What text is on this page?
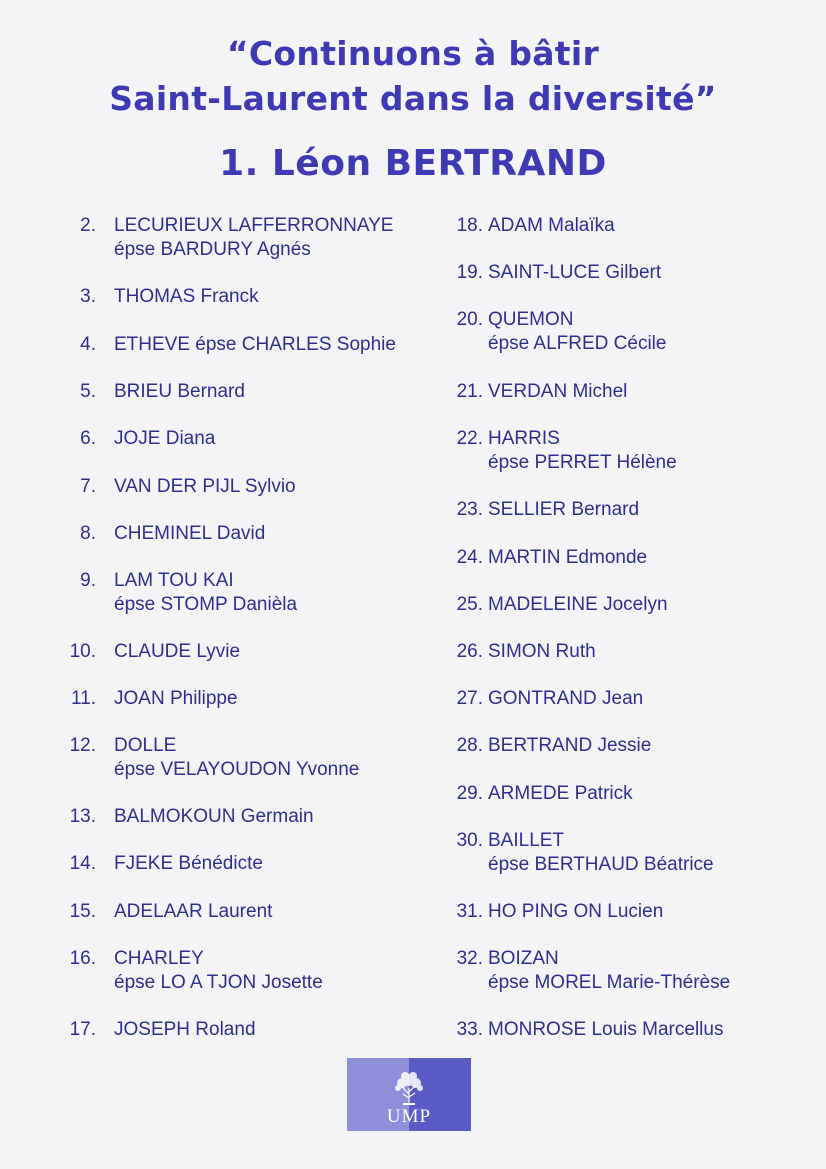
“Continuons à bâtir
Saint-Laurent dans la diversité”
1. Léon BERTRAND
2. LECURIEUX LAFFERRONNAYE
épse BARDURY Agnés
3. THOMAS Franck
4. ETHEVE épse CHARLES Sophie
5. BRIEU Bernard
6. JOJE Diana
7. VAN DER PIJL Sylvio
8. CHEMINEL David
9. LAM TOU KAI
épse STOMP Danièla
10. CLAUDE Lyvie
11. JOAN Philippe
12. DOLLE
épse VELAYOUDON Yvonne
13. BALMOKOUN Germain
14. FJEKE Bénédicte
15. ADELAAR Laurent
16. CHARLEY
épse LO A TJON Josette
17. JOSEPH Roland
18. ADAM Malaïka
19. SAINT-LUCE Gilbert
20. QUEMON
épse ALFRED Cécile
21. VERDAN Michel
22. HARRIS
épse PERRET Hélène
23. SELLIER Bernard
24. MARTIN Edmonde
25. MADELEINE Jocelyn
26. SIMON Ruth
27. GONTRAND Jean
28. BERTRAND Jessie
29. ARMEDE Patrick
30. BAILLET
épse BERTHAUD Béatrice
31. HO PING ON Lucien
32. BOIZAN
épse MOREL Marie-Thérèse
33. MONROSE Louis Marcellus
UMP
